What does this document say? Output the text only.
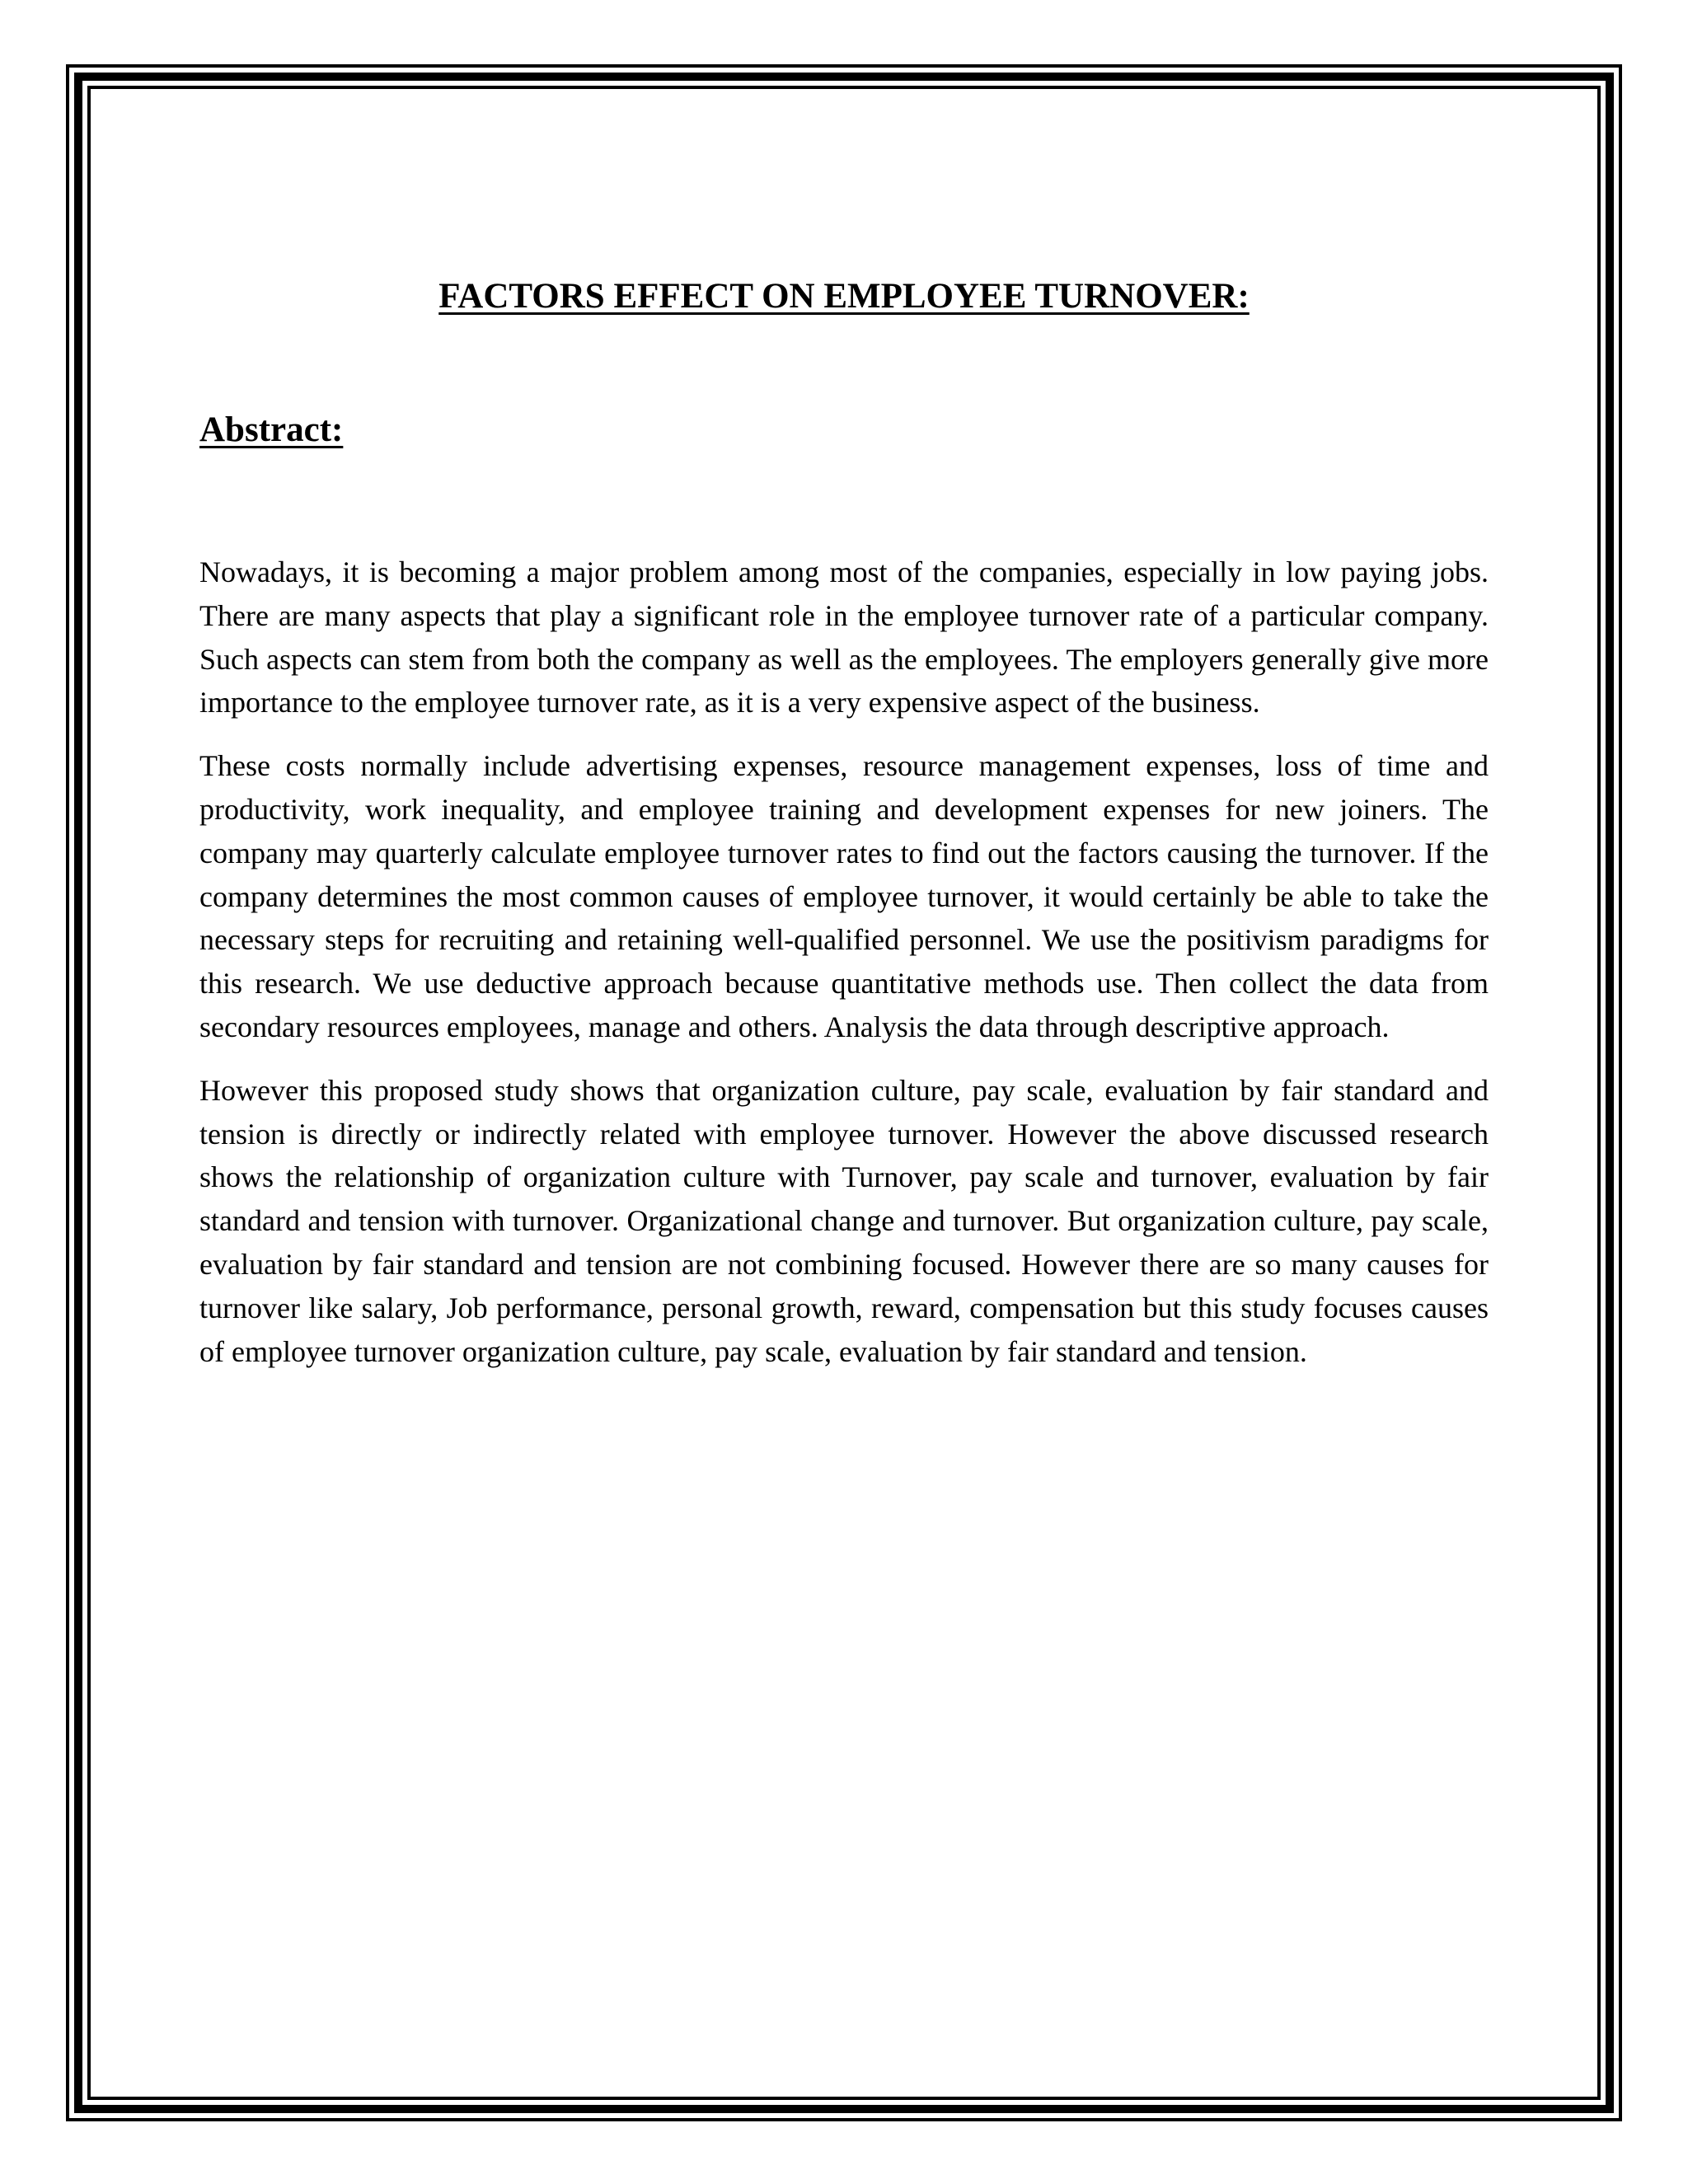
FACTORS EFFECT ON EMPLOYEE TURNOVER:
Abstract:

Nowadays, it is becoming a major problem among most of the companies, especially in low paying jobs. There are many aspects that play a significant role in the employee turnover rate of a particular company. Such aspects can stem from both the company as well as the employees. The employers generally give more importance to the employee turnover rate, as it is a very expensive aspect of the business.

These costs normally include advertising expenses, resource management expenses, loss of time and productivity, work inequality, and employee training and development expenses for new joiners. The company may quarterly calculate employee turnover rates to find out the factors causing the turnover. If the company determines the most common causes of employee turnover, it would certainly be able to take the necessary steps for recruiting and retaining well-qualified personnel. We use the positivism paradigms for this research. We use deductive approach because quantitative methods use. Then collect the data from secondary resources employees, manage and others. Analysis the data through descriptive approach.

However this proposed study shows that organization culture, pay scale, evaluation by fair standard and tension is directly or indirectly related with employee turnover. However the above discussed research shows the relationship of organization culture with Turnover, pay scale and turnover, evaluation by fair standard and tension with turnover. Organizational change and turnover. But organization culture, pay scale, evaluation by fair standard and tension are not combining focused. However there are so many causes for turnover like salary, Job performance, personal growth, reward, compensation but this study focuses causes of employee turnover organization culture, pay scale, evaluation by fair standard and tension.
